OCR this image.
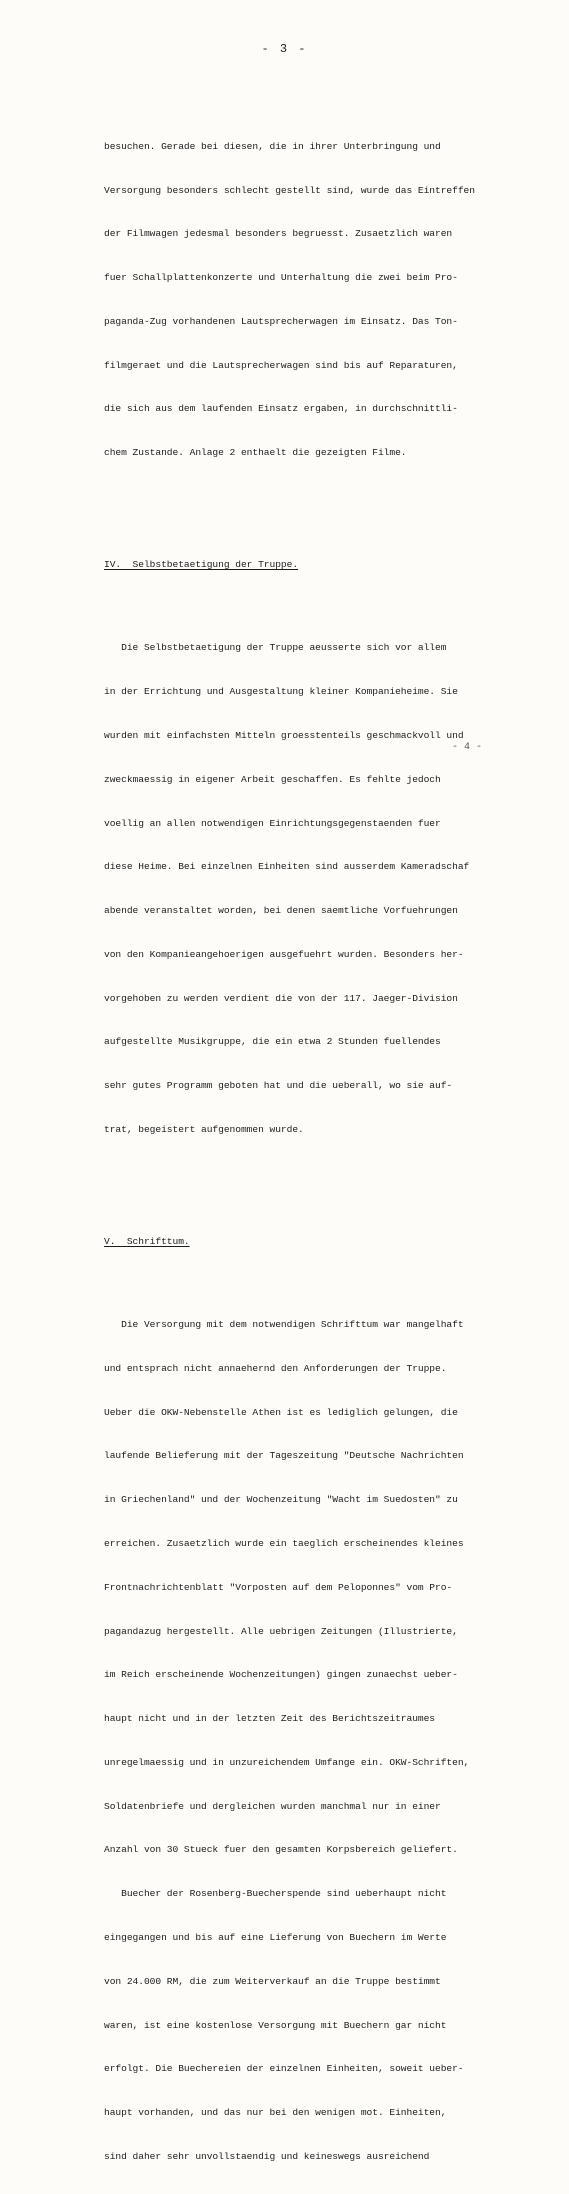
- 3 -

besuchen. Gerade bei diesen, die in ihrer Unterbringung und

Versorgung besonders schlecht gestellt sind, wurde das Eintreffen

der Filmwagen jedesmal besonders begruesst. Zusaetzlich waren

fuer Schallplattenkonzerte und Unterhaltung die zwei beim Pro-

paganda-Zug vorhandenen Lautsprecherwagen im Einsatz. Das Ton-

filmgeraet und die Lautsprecherwagen sind bis auf Reparaturen,

die sich aus dem laufenden Einsatz ergaben, in durchschnittli-

chem Zustande. Anlage 2 enthaelt die gezeigten Filme.

IV.  Selbstbetaetigung der Truppe.

Die Selbstbetaetigung der Truppe aeusserte sich vor allem

in der Errichtung und Ausgestaltung kleiner Kompanieheime. Sie

wurden mit einfachsten Mitteln groesstenteils geschmackvoll und

zweckmaessig in eigener Arbeit geschaffen. Es fehlte jedoch

voellig an allen notwendigen Einrichtungsgegenstaenden fuer

diese Heime. Bei einzelnen Einheiten sind ausserdem Kameradschaf

abende veranstaltet worden, bei denen saemtliche Vorfuehrungen

von den Kompanieangehoerigen ausgefuehrt wurden. Besonders her-

vorgehoben zu werden verdient die von der 117. Jaeger-Division

aufgestellte Musikgruppe, die ein etwa 2 Stunden fuellendes

sehr gutes Programm geboten hat und die ueberall, wo sie auf-

trat, begeistert aufgenommen wurde.

V.  Schrifttum.

Die Versorgung mit dem notwendigen Schrifttum war mangelhaft

und entsprach nicht annaehernd den Anforderungen der Truppe.

Ueber die OKW-Nebenstelle Athen ist es lediglich gelungen, die

laufende Belieferung mit der Tageszeitung "Deutsche Nachrichten

in Griechenland" und der Wochenzeitung "Wacht im Suedosten" zu

erreichen. Zusaetzlich wurde ein taeglich erscheinendes kleines

Frontnachrichtenblatt "Vorposten auf dem Peloponnes" vom Pro-

pagandazug hergestellt. Alle uebrigen Zeitungen (Illustrierte,

im Reich erscheinende Wochenzeitungen) gingen zunaechst ueber-

haupt nicht und in der letzten Zeit des Berichtszeitraumes

unregelmaessig und in unzureichendem Umfange ein. OKW-Schriften,

Soldatenbriefe und dergleichen wurden manchmal nur in einer

Anzahl von 30 Stueck fuer den gesamten Korpsbereich geliefert.

Buecher der Rosenberg-Buecherspende sind ueberhaupt nicht

eingegangen und bis auf eine Lieferung von Buechern im Werte

von 24.000 RM, die zum Weiterverkauf an die Truppe bestimmt

waren, ist eine kostenlose Versorgung mit Buechern gar nicht

erfolgt. Die Buechereien der einzelnen Einheiten, soweit ueber-

haupt vorhanden, und das nur bei den wenigen mot. Einheiten,

sind daher sehr unvollstaendig und keineswegs ausreichend

- 4 -
